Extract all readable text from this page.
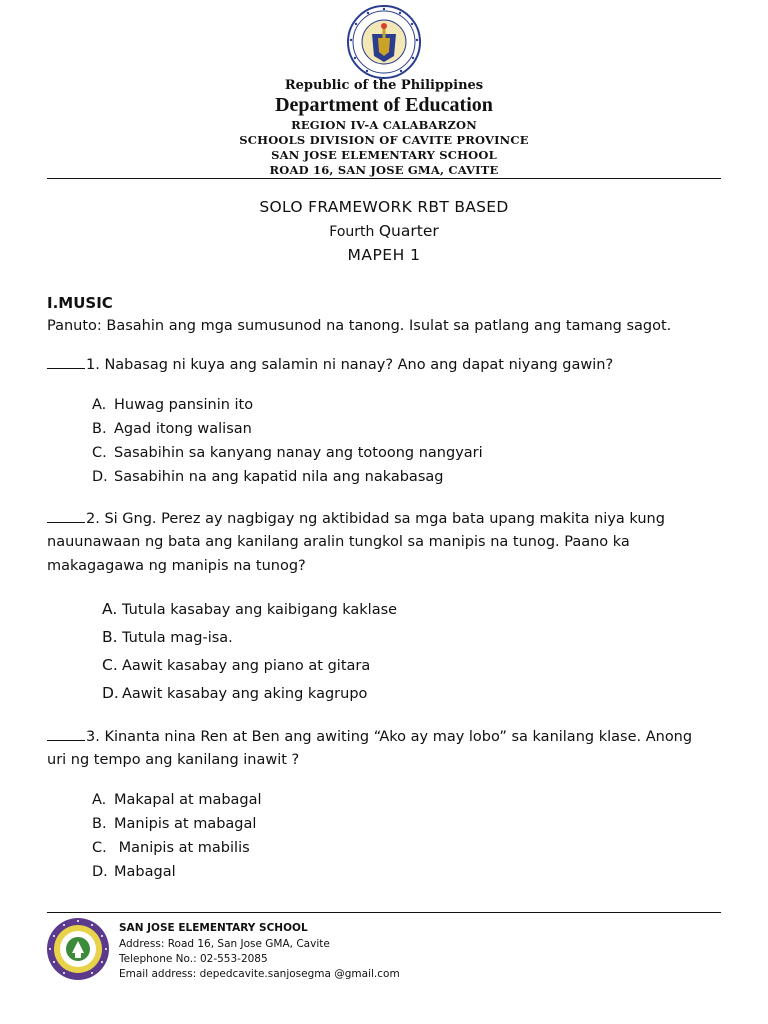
Republic of the Philippines
Department of Education
REGION IV-A CALABARZON
SCHOOLS DIVISION OF CAVITE PROVINCE
SAN JOSE ELEMENTARY SCHOOL
ROAD 16, SAN JOSE GMA, CAVITE
SOLO FRAMEWORK RBT BASED
Fourth Quarter
MAPEH 1
I.MUSIC
Panuto: Basahin ang mga sumusunod na tanong. Isulat sa patlang ang tamang sagot.
1. Nabasag ni kuya ang salamin ni nanay? Ano ang dapat niyang gawin?
A. Huwag pansinin ito
B. Agad itong walisan
C. Sasabihin sa kanyang nanay ang totoong nangyari
D. Sasabihin na ang kapatid nila ang nakabasag
2. Si Gng. Perez ay nagbigay ng aktibidad sa mga bata upang makita niya kung
nauunawaan ng bata ang kanilang aralin tungkol sa manipis na tunog. Paano ka
makagagawa ng manipis na tunog?
A. Tutula kasabay ang kaibigang kaklase
B. Tutula mag-isa.
C. Aawit kasabay ang piano at gitara
D. Aawit kasabay ang aking kagrupo
3. Kinanta nina Ren at Ben ang awiting “Ako ay may lobo” sa kanilang klase. Anong
uri ng tempo ang kanilang inawit ?
A. Makapal at mabagal
B. Manipis at mabagal
C. Manipis at mabilis
D. Mabagal
SAN JOSE ELEMENTARY SCHOOL
Address: Road 16, San Jose GMA, Cavite
Telephone No.: 02-553-2085
Email address: depedcavite.sanjosegma @gmail.com
